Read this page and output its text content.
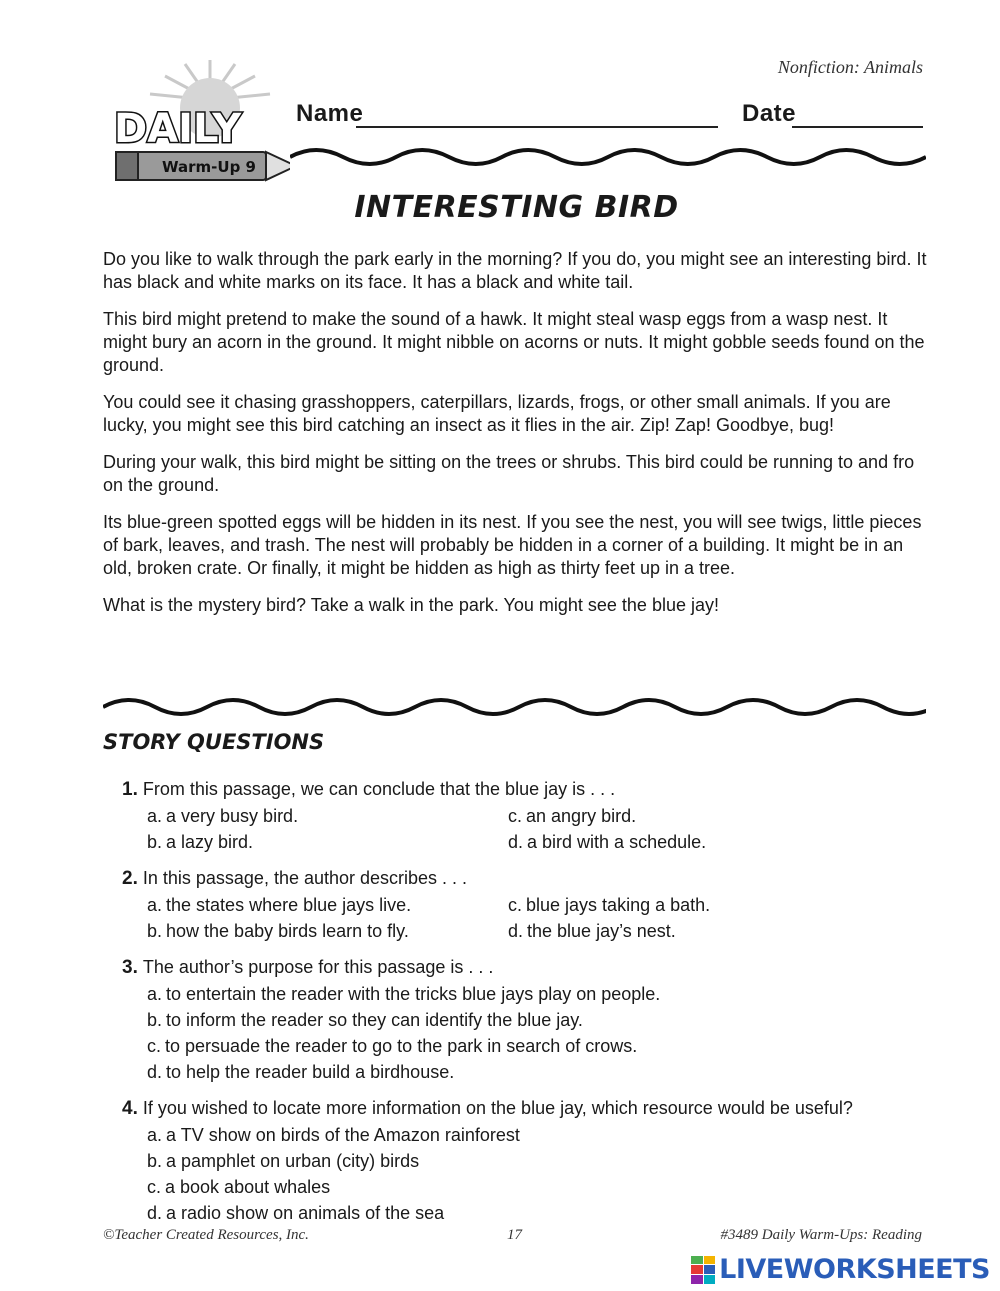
Nonfiction: Animals
DAILY
Warm-Up 9
Name	Date
INTERESTING BIRD

Do you like to walk through the park early in the morning? If you do, you might see an interesting bird. It has black and white marks on its face. It has a black and white tail.

This bird might pretend to make the sound of a hawk. It might steal wasp eggs from a wasp nest. It might bury an acorn in the ground. It might nibble on acorns or nuts. It might gobble seeds found on the ground.

You could see it chasing grasshoppers, caterpillars, lizards, frogs, or other small animals. If you are lucky, you might see this bird catching an insect as it flies in the air. Zip! Zap! Goodbye, bug!

During your walk, this bird might be sitting on the trees or shrubs. This bird could be running to and fro on the ground.

Its blue-green spotted eggs will be hidden in its nest. If you see the nest, you will see twigs, little pieces of bark, leaves, and trash. The nest will probably be hidden in a corner of a building. It might be in an old, broken crate. Or finally, it might be hidden as high as thirty feet up in a tree.

What is the mystery bird? Take a walk in the park. You might see the blue jay!

STORY QUESTIONS
1. From this passage, we can conclude that the blue jay is . . .
a. a very busy bird.	c. an angry bird.
b. a lazy bird.	d. a bird with a schedule.
2. In this passage, the author describes . . .
a. the states where blue jays live.	c. blue jays taking a bath.
b. how the baby birds learn to fly.	d. the blue jay’s nest.
3. The author’s purpose for this passage is . . .
a. to entertain the reader with the tricks blue jays play on people.
b. to inform the reader so they can identify the blue jay.
c. to persuade the reader to go to the park in search of crows.
d. to help the reader build a birdhouse.
4. If you wished to locate more information on the blue jay, which resource would be useful?
a. a TV show on birds of the Amazon rainforest
b. a pamphlet on urban (city) birds
c. a book about whales
d. a radio show on animals of the sea
©Teacher Created Resources, Inc.	17	#3489 Daily Warm-Ups: Reading
LIVEWORKSHEETS
